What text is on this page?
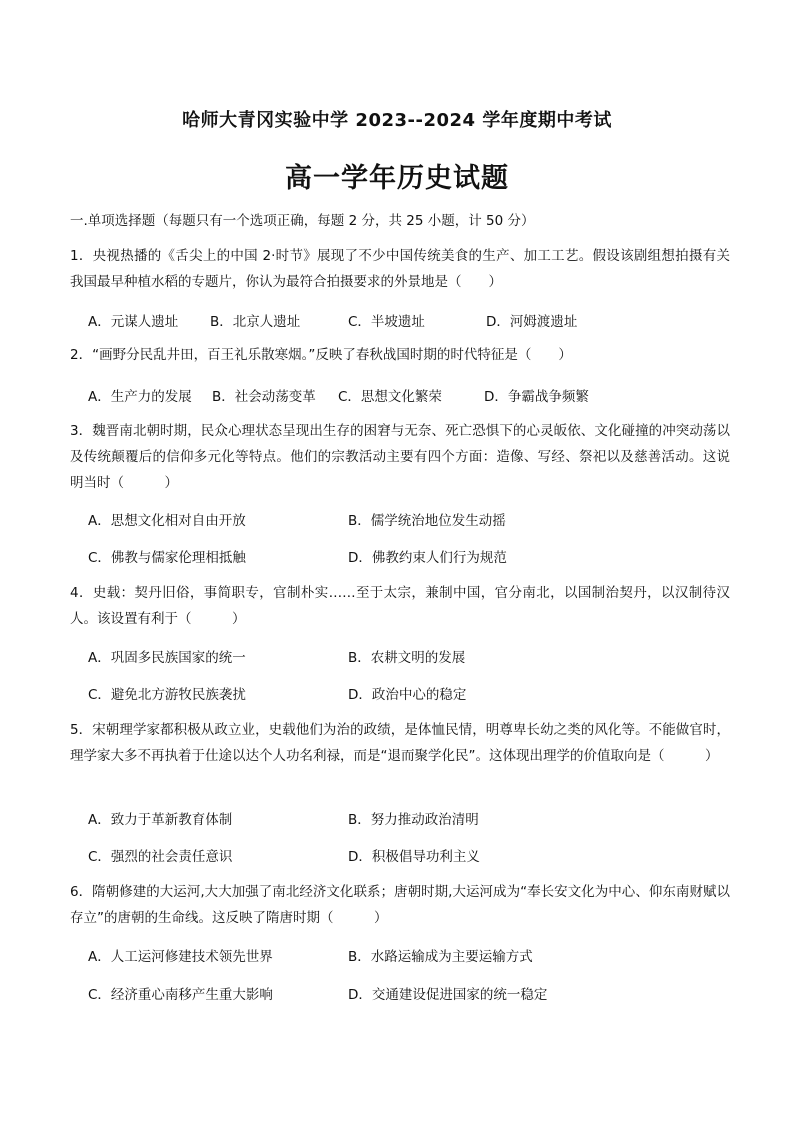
哈师大青冈实验中学 2023--2024 学年度期中考试
高一学年历史试题
一.单项选择题（每题只有一个选项正确，每题 2 分，共 25 小题，计 50 分）
1．央视热播的《舌尖上的中国 2·时节》展现了不少中国传统美食的生产、加工工艺。假设该剧组想拍摄有关我国最早种植水稻的专题片，你认为最符合拍摄要求的外景地是（　　）
A．元谋人遗址 B．北京人遗址	C．半坡遗址	D．河姆渡遗址
2．“画野分民乱井田，百王礼乐散寒烟。”反映了春秋战国时期的时代特征是（　　）
A．生产力的发展 B．社会动荡变革 C．思想文化繁荣	D．争霸战争频繁
3．魏晋南北朝时期，民众心理状态呈现出生存的困窘与无奈、死亡恐惧下的心灵皈依、文化碰撞的冲突动荡以及传统颠覆后的信仰多元化等特点。他们的宗教活动主要有四个方面：造像、写经、祭祀以及慈善活动。这说明当时（　　　）
A．思想文化相对自由开放	B．儒学统治地位发生动摇
C．佛教与儒家伦理相抵触	D．佛教约束人们行为规范
4．史载：契丹旧俗，事简职专，官制朴实……至于太宗，兼制中国，官分南北，以国制治契丹，以汉制待汉人。该设置有利于（　　　）
A．巩固多民族国家的统一	B．农耕文明的发展
C．避免北方游牧民族袭扰	D．政治中心的稳定
5．宋朝理学家都积极从政立业，史载他们为治的政绩，是体恤民情，明尊卑长幼之类的风化等。不能做官时，理学家大多不再执着于仕途以达个人功名利禄，而是“退而聚学化民”。这体现出理学的价值取向是（　　　）
A．致力于革新教育体制	B．努力推动政治清明
C．强烈的社会责任意识	D．积极倡导功利主义
6．隋朝修建的大运河,大大加强了南北经济文化联系；唐朝时期,大运河成为“奉长安文化为中心、仰东南财赋以存立”的唐朝的生命线。这反映了隋唐时期（　　　）
A．人工运河修建技术领先世界	B．水路运输成为主要运输方式
C．经济重心南移产生重大影响	D．交通建设促进国家的统一稳定
